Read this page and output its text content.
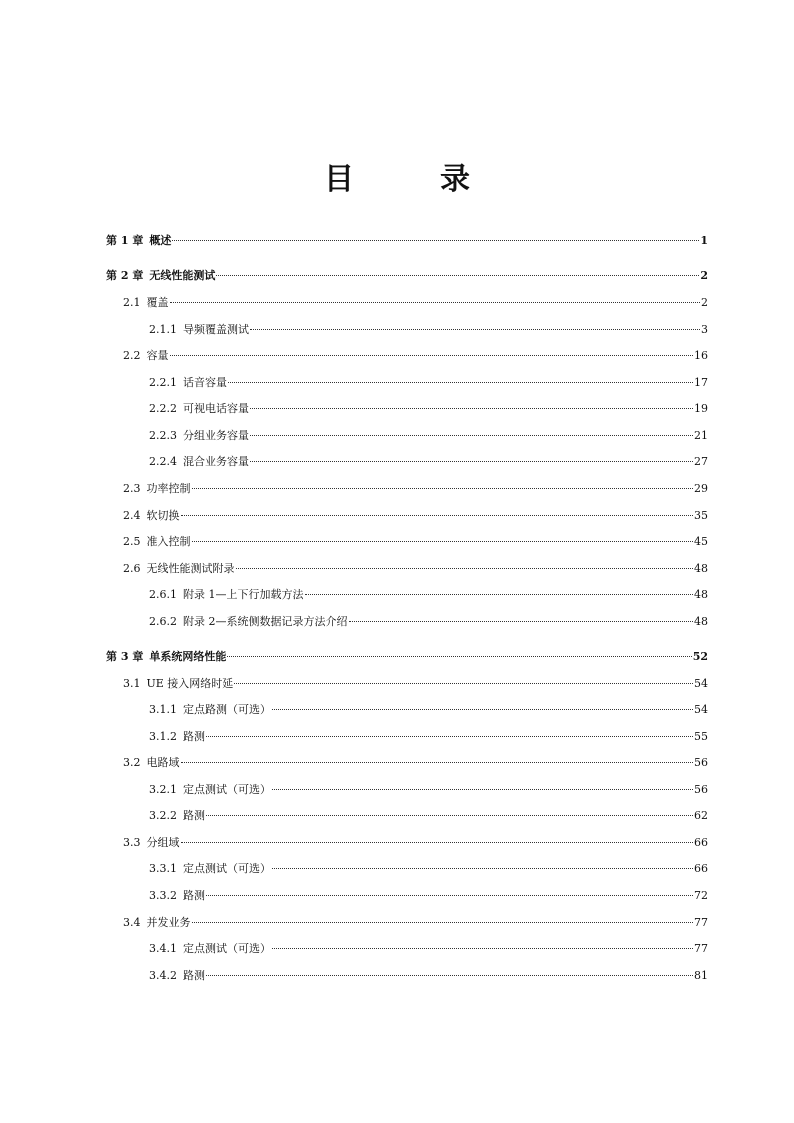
目　录
第 1 章 概述	1
第 2 章 无线性能测试	2
2.1 覆盖	2
2.1.1 导频覆盖测试	3
2.2 容量	16
2.2.1 话音容量	17
2.2.2 可视电话容量	19
2.2.3 分组业务容量	21
2.2.4 混合业务容量	27
2.3 功率控制	29
2.4 软切换	35
2.5 准入控制	45
2.6 无线性能测试附录	48
2.6.1 附录 1—上下行加载方法	48
2.6.2 附录 2—系统侧数据记录方法介绍	48
第 3 章 单系统网络性能	52
3.1 UE 接入网络时延	54
3.1.1 定点路测（可选）	54
3.1.2 路测	55
3.2 电路域	56
3.2.1 定点测试（可选）	56
3.2.2 路测	62
3.3 分组域	66
3.3.1 定点测试（可选）	66
3.3.2 路测	72
3.4 并发业务	77
3.4.1 定点测试（可选）	77
3.4.2 路测	81
